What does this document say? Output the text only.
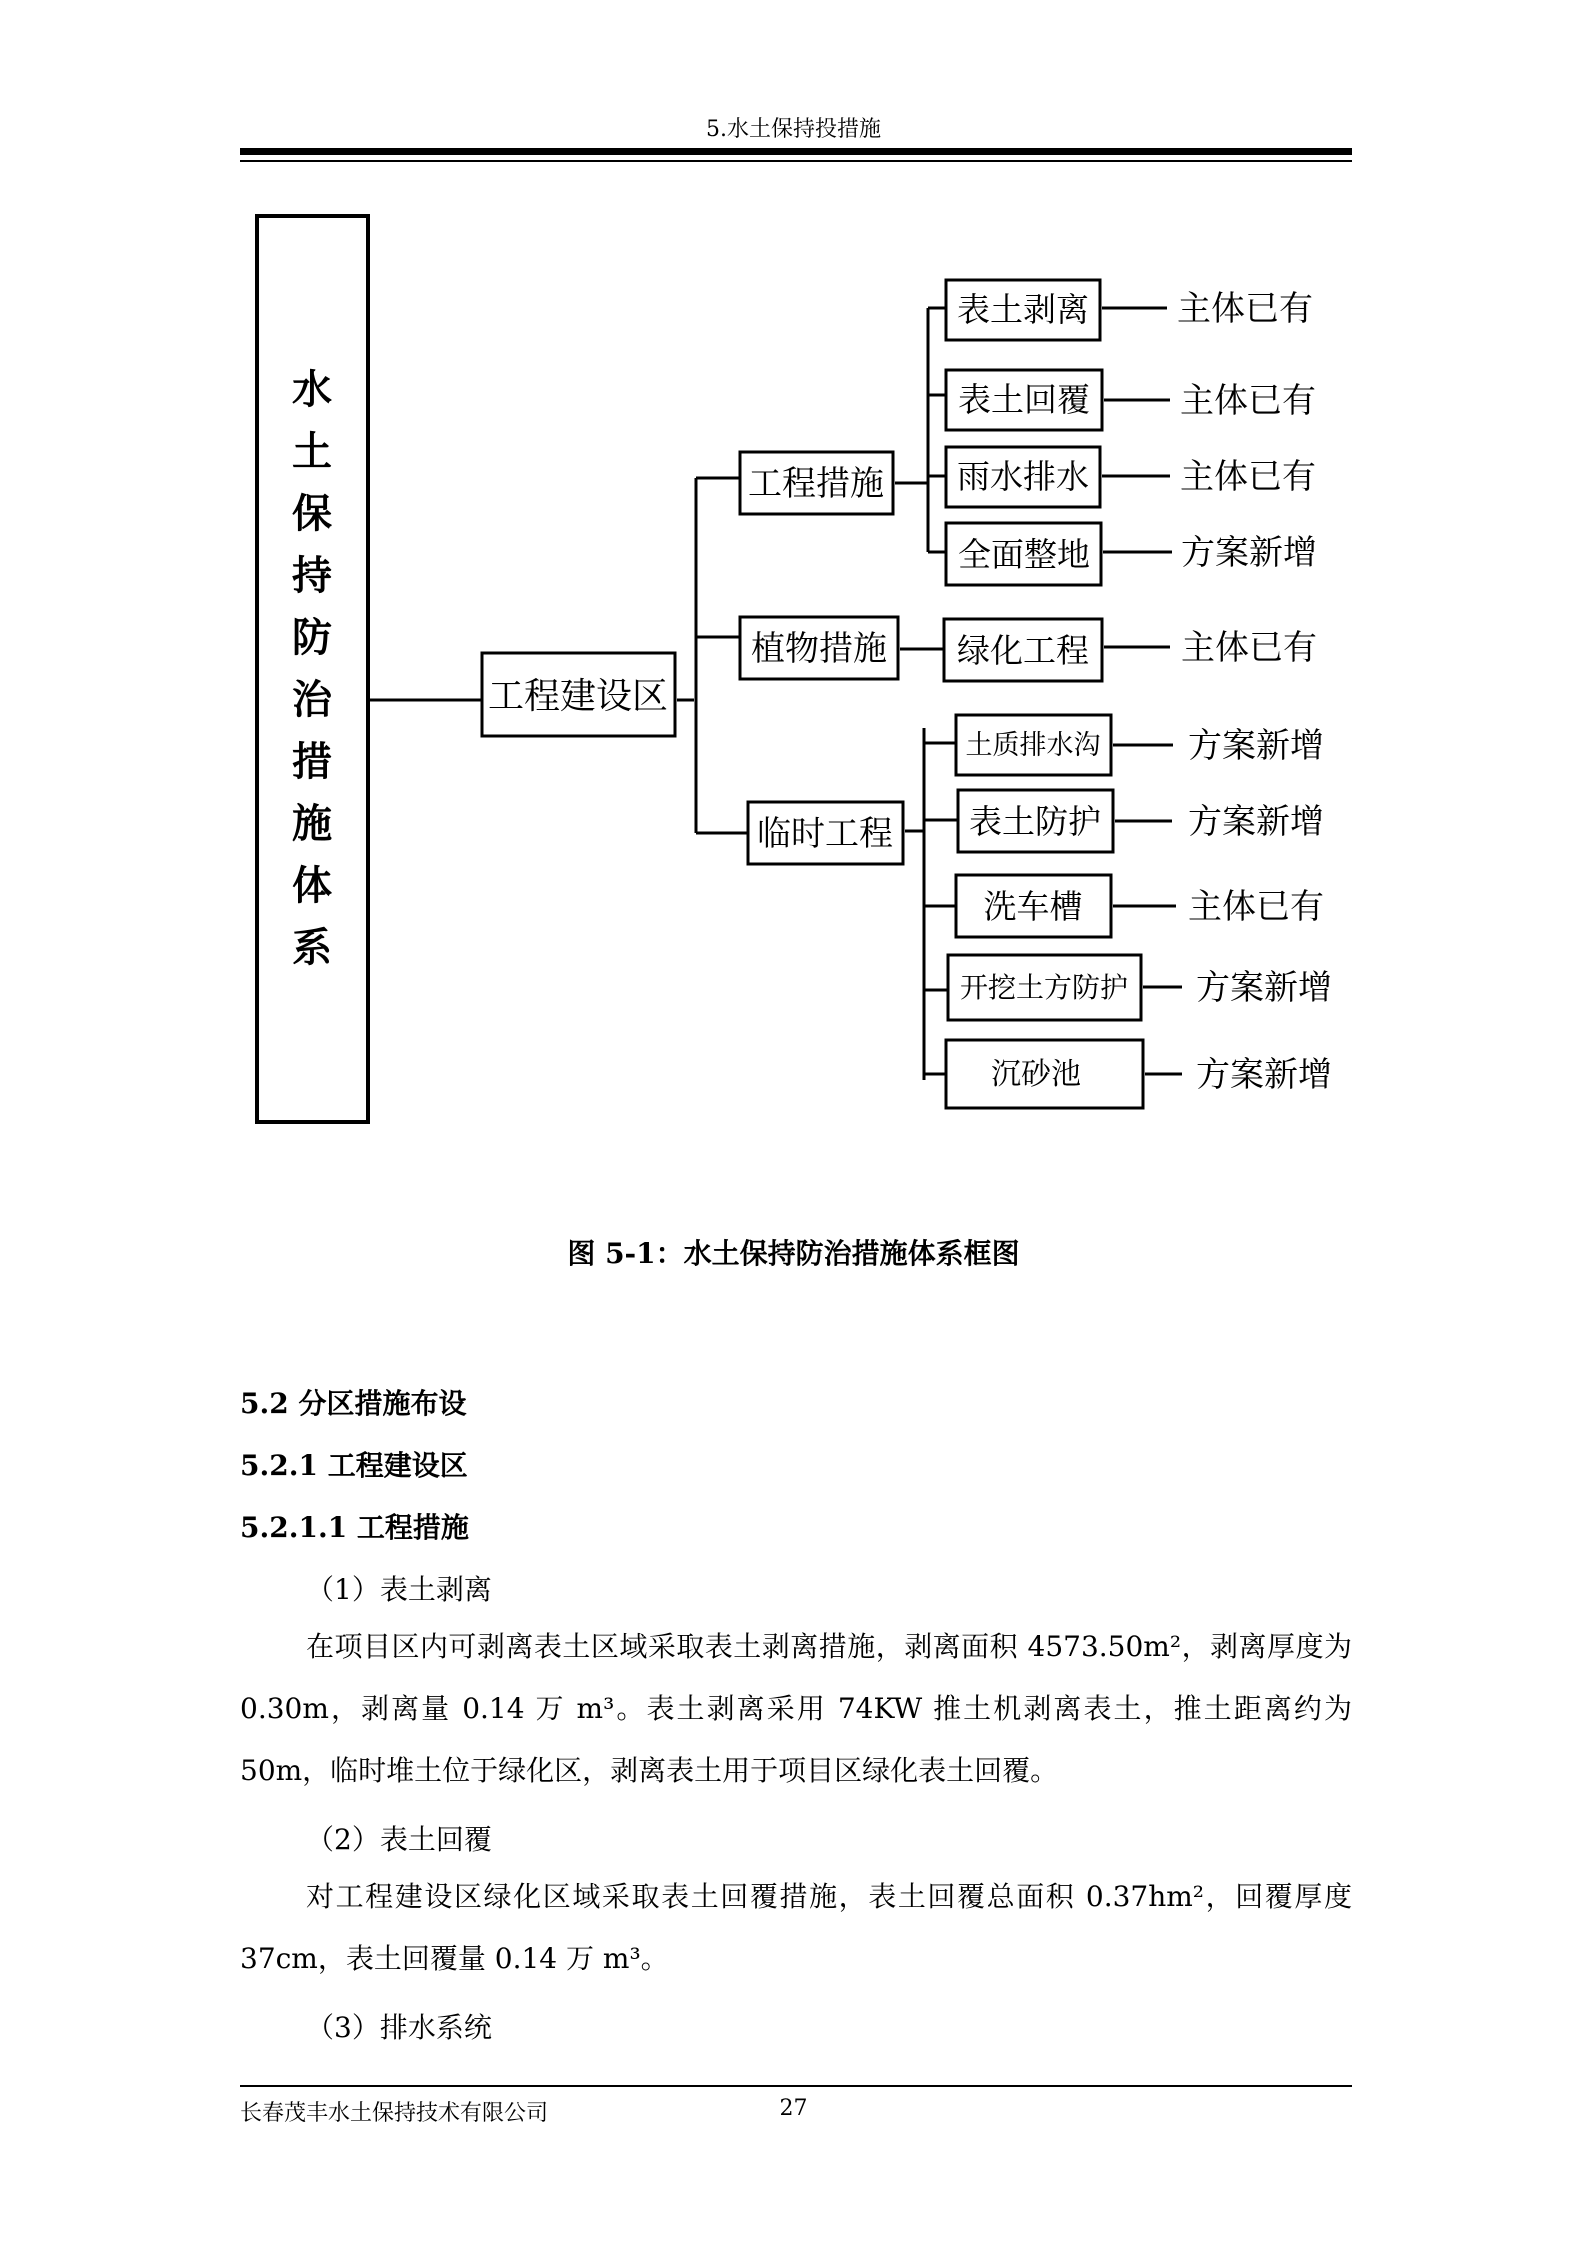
5.水土保持投措施
水
土
保
持
防
治
措
施
体
系
工程建设区
工程措施
植物措施
临时工程
表土剥离
表土回覆
雨水排水
全面整地
绿化工程
土质排水沟
表土防护
洗车槽
开挖土方防护
沉砂池
主体已有
主体已有
主体已有
方案新增
主体已有
方案新增
方案新增
主体已有
方案新增
方案新增
图 5-1：水土保持防治措施体系框图
5.2 分区措施布设
5.2.1 工程建设区
5.2.1.1 工程措施
（1）表土剥离
在项目区内可剥离表土区域采取表土剥离措施，剥离面积 4573.50m²，剥离厚度为 0.30m，剥离量 0.14 万 m³。表土剥离采用 74KW 推土机剥离表土，推土距离约为 50m，临时堆土位于绿化区，剥离表土用于项目区绿化表土回覆。
（2）表土回覆
对工程建设区绿化区域采取表土回覆措施，表土回覆总面积 0.37hm²，回覆厚度 37cm，表土回覆量 0.14 万 m³。
（3）排水系统
长春茂丰水土保持技术有限公司	27
